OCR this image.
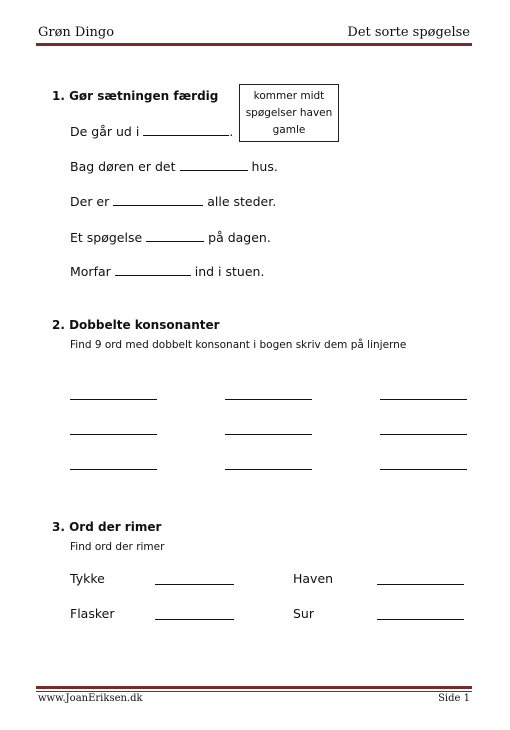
Grøn Dingo	Det sorte spøgelse
1. Gør sætningen færdig	kommer midt
spøgelser haven
gamle
De går ud i	.
Bag døren er det	hus.
Der er	alle steder.
Et spøgelse	på dagen.
Morfar	ind i stuen.
2. Dobbelte konsonanter
Find 9 ord med dobbelt konsonant i bogen skriv dem på linjerne
3. Ord der rimer
Find ord der rimer
Tykke	Haven
Flasker	Sur
www.JoanEriksen.dk	Side 1
